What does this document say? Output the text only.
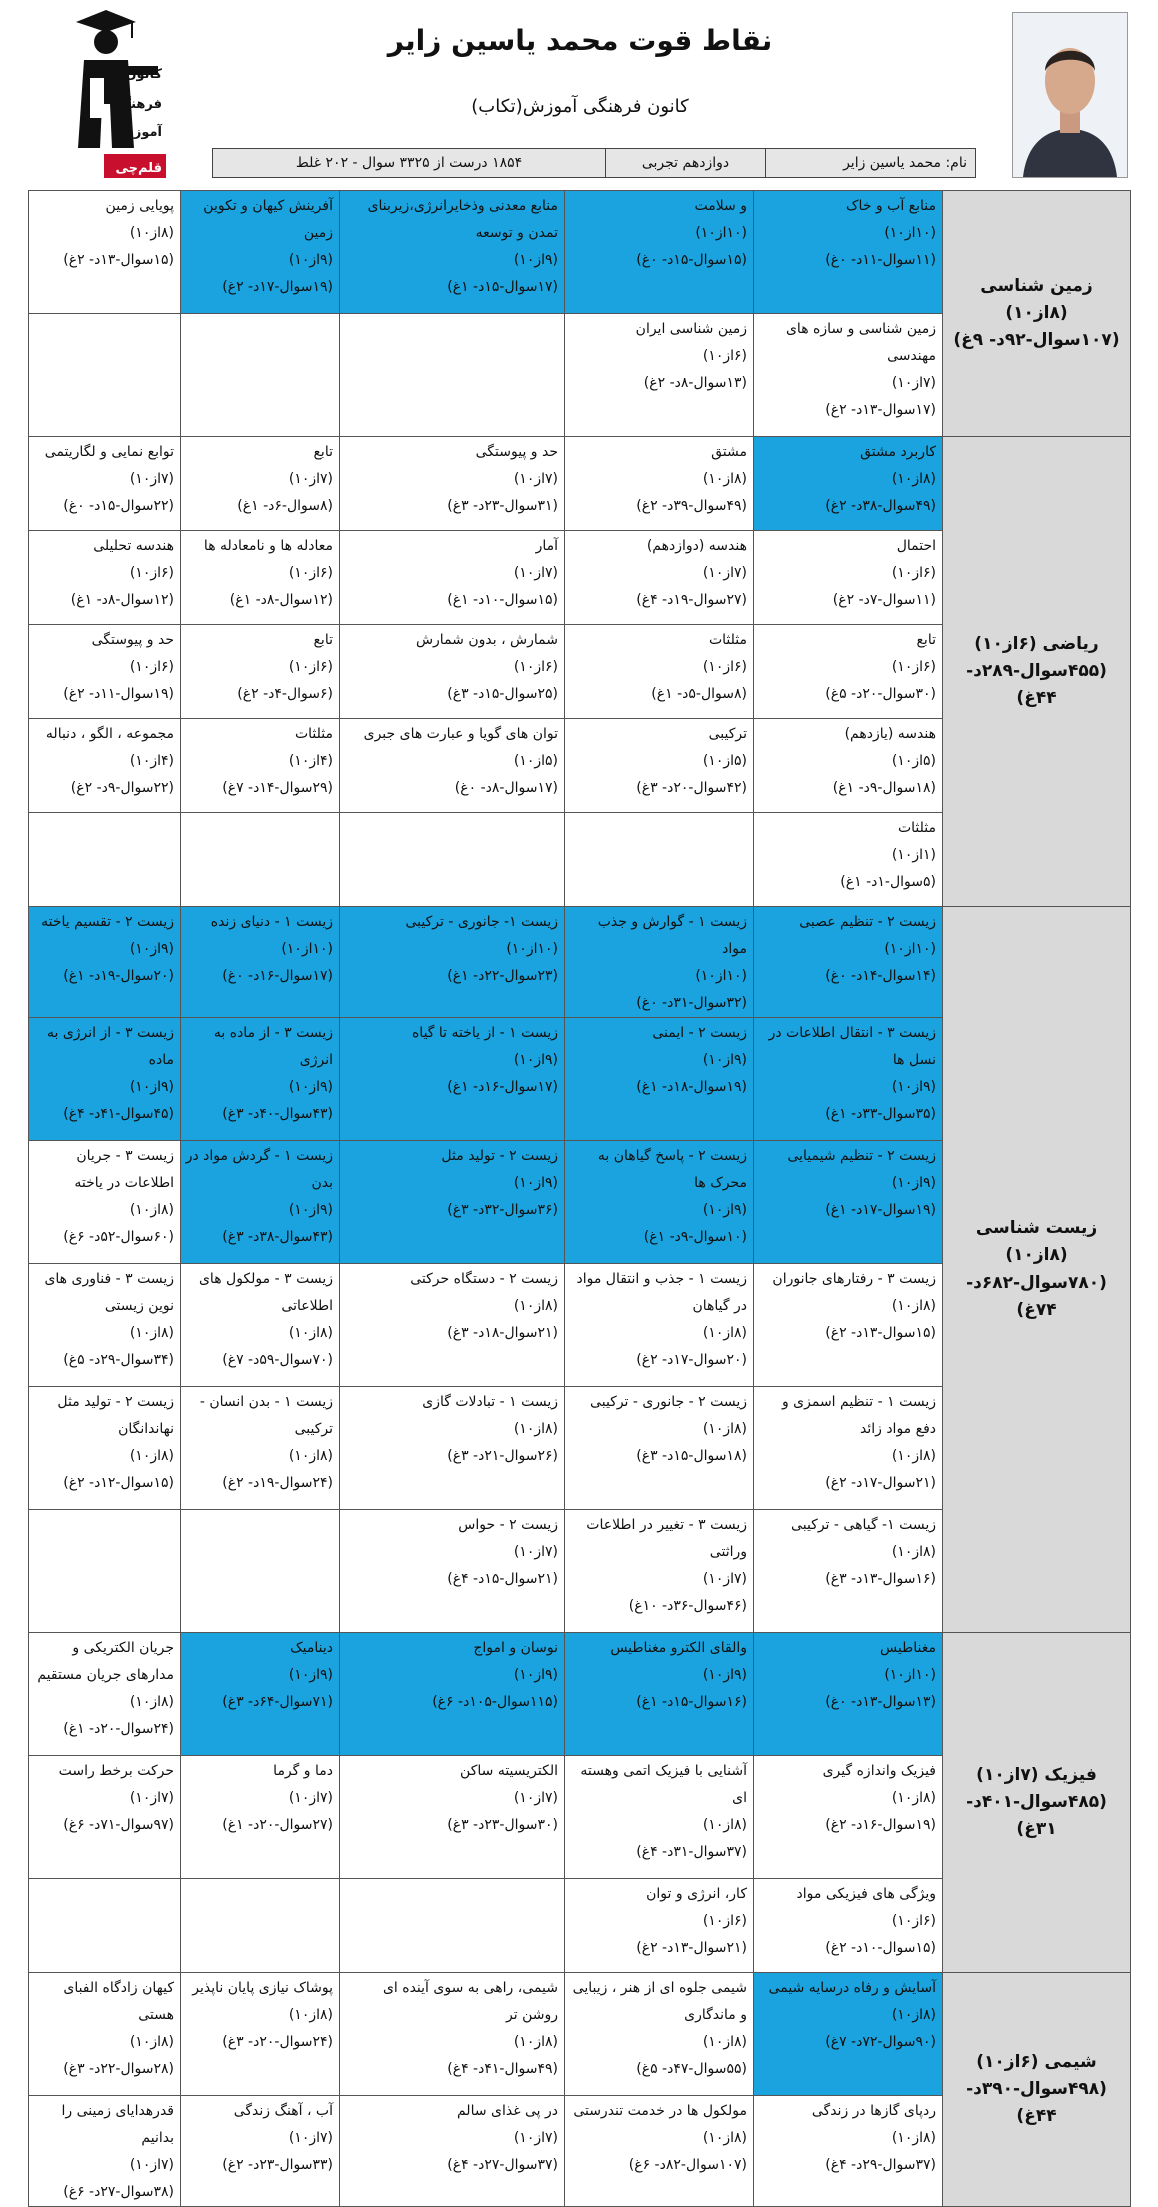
کانون
فرهنگی
آموزش
قلم‌چی
نقاط قوت محمد یاسین زایر
کانون فرهنگی آموزش(تکاب)
نام: محمد یاسین زایر
دوازدهم تجربی
۱۸۵۴ درست از ۳۳۲۵ سوال - ۲۰۲ غلط
زمین شناسی (۸از۱۰) (۱۰۷سوال-۹۲د- ۹غ)	منابع آب و خاک
(۱۰از۱۰)
(۱۱سوال-۱۱د- ۰غ)	و سلامت
(۱۰از۱۰)
(۱۵سوال-۱۵د- ۰غ)	منابع معدنی وذخایرانرژی،زیربنای تمدن و توسعه
(۹از۱۰)
(۱۷سوال-۱۵د- ۱غ)	آفرینش کیهان و تکوین زمین
(۹از۱۰)
(۱۹سوال-۱۷د- ۲غ)	پویایی زمین
(۸از۱۰)
(۱۵سوال-۱۳د- ۲غ)

	زمین شناسی و سازه های مهندسی
(۷از۱۰)
(۱۷سوال-۱۳د- ۲غ)	زمین شناسی ایران
(۶از۱۰)
(۱۳سوال-۸د- ۲غ)			

ریاضی (۶از۱۰) (۴۵۵سوال-۲۸۹د- ۴۴غ)	کاربرد مشتق
(۸از۱۰)
(۴۹سوال-۳۸د- ۲غ)	مشتق
(۸از۱۰)
(۴۹سوال-۳۹د- ۲غ)	حد و پیوستگی
(۷از۱۰)
(۳۱سوال-۲۳د- ۳غ)	تابع
(۷از۱۰)
(۸سوال-۶د- ۱غ)	توابع نمایی و لگاریتمی
(۷از۱۰)
(۲۲سوال-۱۵د- ۰غ)

	احتمال
(۶از۱۰)
(۱۱سوال-۷د- ۲غ)	هندسه (دوازدهم)
(۷از۱۰)
(۲۷سوال-۱۹د- ۴غ)	آمار
(۷از۱۰)
(۱۵سوال-۱۰د- ۱غ)	معادله ها و نامعادله ها
(۶از۱۰)
(۱۲سوال-۸د- ۱غ)	هندسه تحلیلی
(۶از۱۰)
(۱۲سوال-۸د- ۱غ)

	تابع
(۶از۱۰)
(۳۰سوال-۲۰د- ۵غ)	مثلثات
(۶از۱۰)
(۸سوال-۵د- ۱غ)	شمارش ، بدون شمارش
(۶از۱۰)
(۲۵سوال-۱۵د- ۳غ)	تابع
(۶از۱۰)
(۶سوال-۴د- ۲غ)	حد و پیوستگی
(۶از۱۰)
(۱۹سوال-۱۱د- ۲غ)

	هندسه (یازدهم)
(۵از۱۰)
(۱۸سوال-۹د- ۱غ)	ترکیبی
(۵از۱۰)
(۴۲سوال-۲۰د- ۳غ)	توان های گویا و عبارت های جبری
(۵از۱۰)
(۱۷سوال-۸د- ۰غ)	مثلثات
(۴از۱۰)
(۲۹سوال-۱۴د- ۷غ)	مجموعه ، الگو ، دنباله
(۴از۱۰)
(۲۲سوال-۹د- ۲غ)

	مثلثات
(۱از۱۰)
(۵سوال-۱د- ۱غ)				

زیست شناسی (۸از۱۰) (۷۸۰سوال-۶۸۲د- ۷۴غ)	زیست ۲ - تنظیم عصبی
(۱۰از۱۰)
(۱۴سوال-۱۴د- ۰غ)	زیست ۱ - گوارش و جذب مواد
(۱۰از۱۰)
(۳۲سوال-۳۱د- ۰غ)	زیست ۱- جانوری - ترکیبی
(۱۰از۱۰)
(۲۳سوال-۲۲د- ۱غ)	زیست ۱ - دنیای زنده
(۱۰از۱۰)
(۱۷سوال-۱۶د- ۰غ)	زیست ۲ - تقسیم یاخته
(۹از۱۰)
(۲۰سوال-۱۹د- ۱غ)

	زیست ۳ - انتقال اطلاعات در نسل ها
(۹از۱۰)
(۳۵سوال-۳۳د- ۱غ)	زیست ۲ - ایمنی
(۹از۱۰)
(۱۹سوال-۱۸د- ۱غ)	زیست ۱ - از یاخته تا گیاه
(۹از۱۰)
(۱۷سوال-۱۶د- ۱غ)	زیست ۳ - از ماده به انرژی
(۹از۱۰)
(۴۳سوال-۴۰د- ۳غ)	زیست ۳ - از انرژی به ماده
(۹از۱۰)
(۴۵سوال-۴۱د- ۴غ)

	زیست ۲ - تنظیم شیمیایی
(۹از۱۰)
(۱۹سوال-۱۷د- ۱غ)	زیست ۲ - پاسخ گیاهان به محرک ها
(۹از۱۰)
(۱۰سوال-۹د- ۱غ)	زیست ۲ - تولید مثل
(۹از۱۰)
(۳۶سوال-۳۲د- ۳غ)	زیست ۱ - گردش مواد در بدن
(۹از۱۰)
(۴۳سوال-۳۸د- ۳غ)	زیست ۳ - جریان اطلاعات در یاخته
(۸از۱۰)
(۶۰سوال-۵۲د- ۶غ)

	زیست ۳ - رفتارهای جانوران
(۸از۱۰)
(۱۵سوال-۱۳د- ۲غ)	زیست ۱ - جذب و انتقال مواد در گیاهان
(۸از۱۰)
(۲۰سوال-۱۷د- ۲غ)	زیست ۲ - دستگاه حرکتی
(۸از۱۰)
(۲۱سوال-۱۸د- ۳غ)	زیست ۳ - مولکول های اطلاعاتی
(۸از۱۰)
(۷۰سوال-۵۹د- ۷غ)	زیست ۳ - فناوری های نوین زیستی
(۸از۱۰)
(۳۴سوال-۲۹د- ۵غ)

	زیست ۱ - تنظیم اسمزی و دفع مواد زائد
(۸از۱۰)
(۲۱سوال-۱۷د- ۲غ)	زیست ۲ - جانوری - ترکیبی
(۸از۱۰)
(۱۸سوال-۱۵د- ۳غ)	زیست ۱ - تبادلات گازی
(۸از۱۰)
(۲۶سوال-۲۱د- ۳غ)	زیست ۱ - بدن انسان - ترکیبی
(۸از۱۰)
(۲۴سوال-۱۹د- ۲غ)	زیست ۲ - تولید مثل نهاندانگان
(۸از۱۰)
(۱۵سوال-۱۲د- ۲غ)

	زیست ۱- گیاهی - ترکیبی
(۸از۱۰)
(۱۶سوال-۱۳د- ۳غ)	زیست ۳ - تغییر در اطلاعات وراثتی
(۷از۱۰)
(۴۶سوال-۳۶د- ۱۰غ)	زیست ۲ - حواس
(۷از۱۰)
(۲۱سوال-۱۵د- ۴غ)		

فیزیک (۷از۱۰) (۴۸۵سوال-۴۰۱د- ۳۱غ)	مغناطیس
(۱۰از۱۰)
(۱۳سوال-۱۳د- ۰غ)	والقای الکترو مغناطیس
(۹از۱۰)
(۱۶سوال-۱۵د- ۱غ)	نوسان و امواج
(۹از۱۰)
(۱۱۵سوال-۱۰۵د- ۶غ)	دینامیک
(۹از۱۰)
(۷۱سوال-۶۴د- ۳غ)	جریان الکتریکی و مدارهای جریان مستقیم
(۸از۱۰)
(۲۴سوال-۲۰د- ۱غ)

	فیزیک واندازه گیری
(۸از۱۰)
(۱۹سوال-۱۶د- ۲غ)	آشنایی با فیزیک اتمی وهسته ای
(۸از۱۰)
(۳۷سوال-۳۱د- ۴غ)	الکتریسیته ساکن
(۷از۱۰)
(۳۰سوال-۲۳د- ۳غ)	دما و گرما
(۷از۱۰)
(۲۷سوال-۲۰د- ۱غ)	حرکت برخط راست
(۷از۱۰)
(۹۷سوال-۷۱د- ۶غ)

	ویژگی های فیزیکی مواد
(۶از۱۰)
(۱۵سوال-۱۰د- ۲غ)	کار، انرژی و توان
(۶از۱۰)
(۲۱سوال-۱۳د- ۲غ)			

شیمی (۶از۱۰) (۴۹۸سوال-۳۹۰د- ۴۴غ)	آسایش و رفاه درسایه شیمی
(۸از۱۰)
(۹۰سوال-۷۲د- ۷غ)	شیمی جلوه ای از هنر ، زیبایی و ماندگاری
(۸از۱۰)
(۵۵سوال-۴۷د- ۵غ)	شیمی، راهی به سوی آینده ای روشن تر
(۸از۱۰)
(۴۹سوال-۴۱د- ۴غ)	پوشاک نیازی پایان ناپذیر
(۸از۱۰)
(۲۴سوال-۲۰د- ۳غ)	کیهان زادگاه الفبای هستی
(۸از۱۰)
(۲۸سوال-۲۲د- ۳غ)

	ردپای گازها در زندگی
(۸از۱۰)
(۳۷سوال-۲۹د- ۴غ)	مولکول ها در خدمت تندرستی
(۸از۱۰)
(۱۰۷سوال-۸۲د- ۶غ)	در پی غذای سالم
(۷از۱۰)
(۳۷سوال-۲۷د- ۴غ)	آب ، آهنگ زندگی
(۷از۱۰)
(۳۳سوال-۲۳د- ۲غ)	قدرهدایای زمینی را بدانیم
(۷از۱۰)
(۳۸سوال-۲۷د- ۶غ)
